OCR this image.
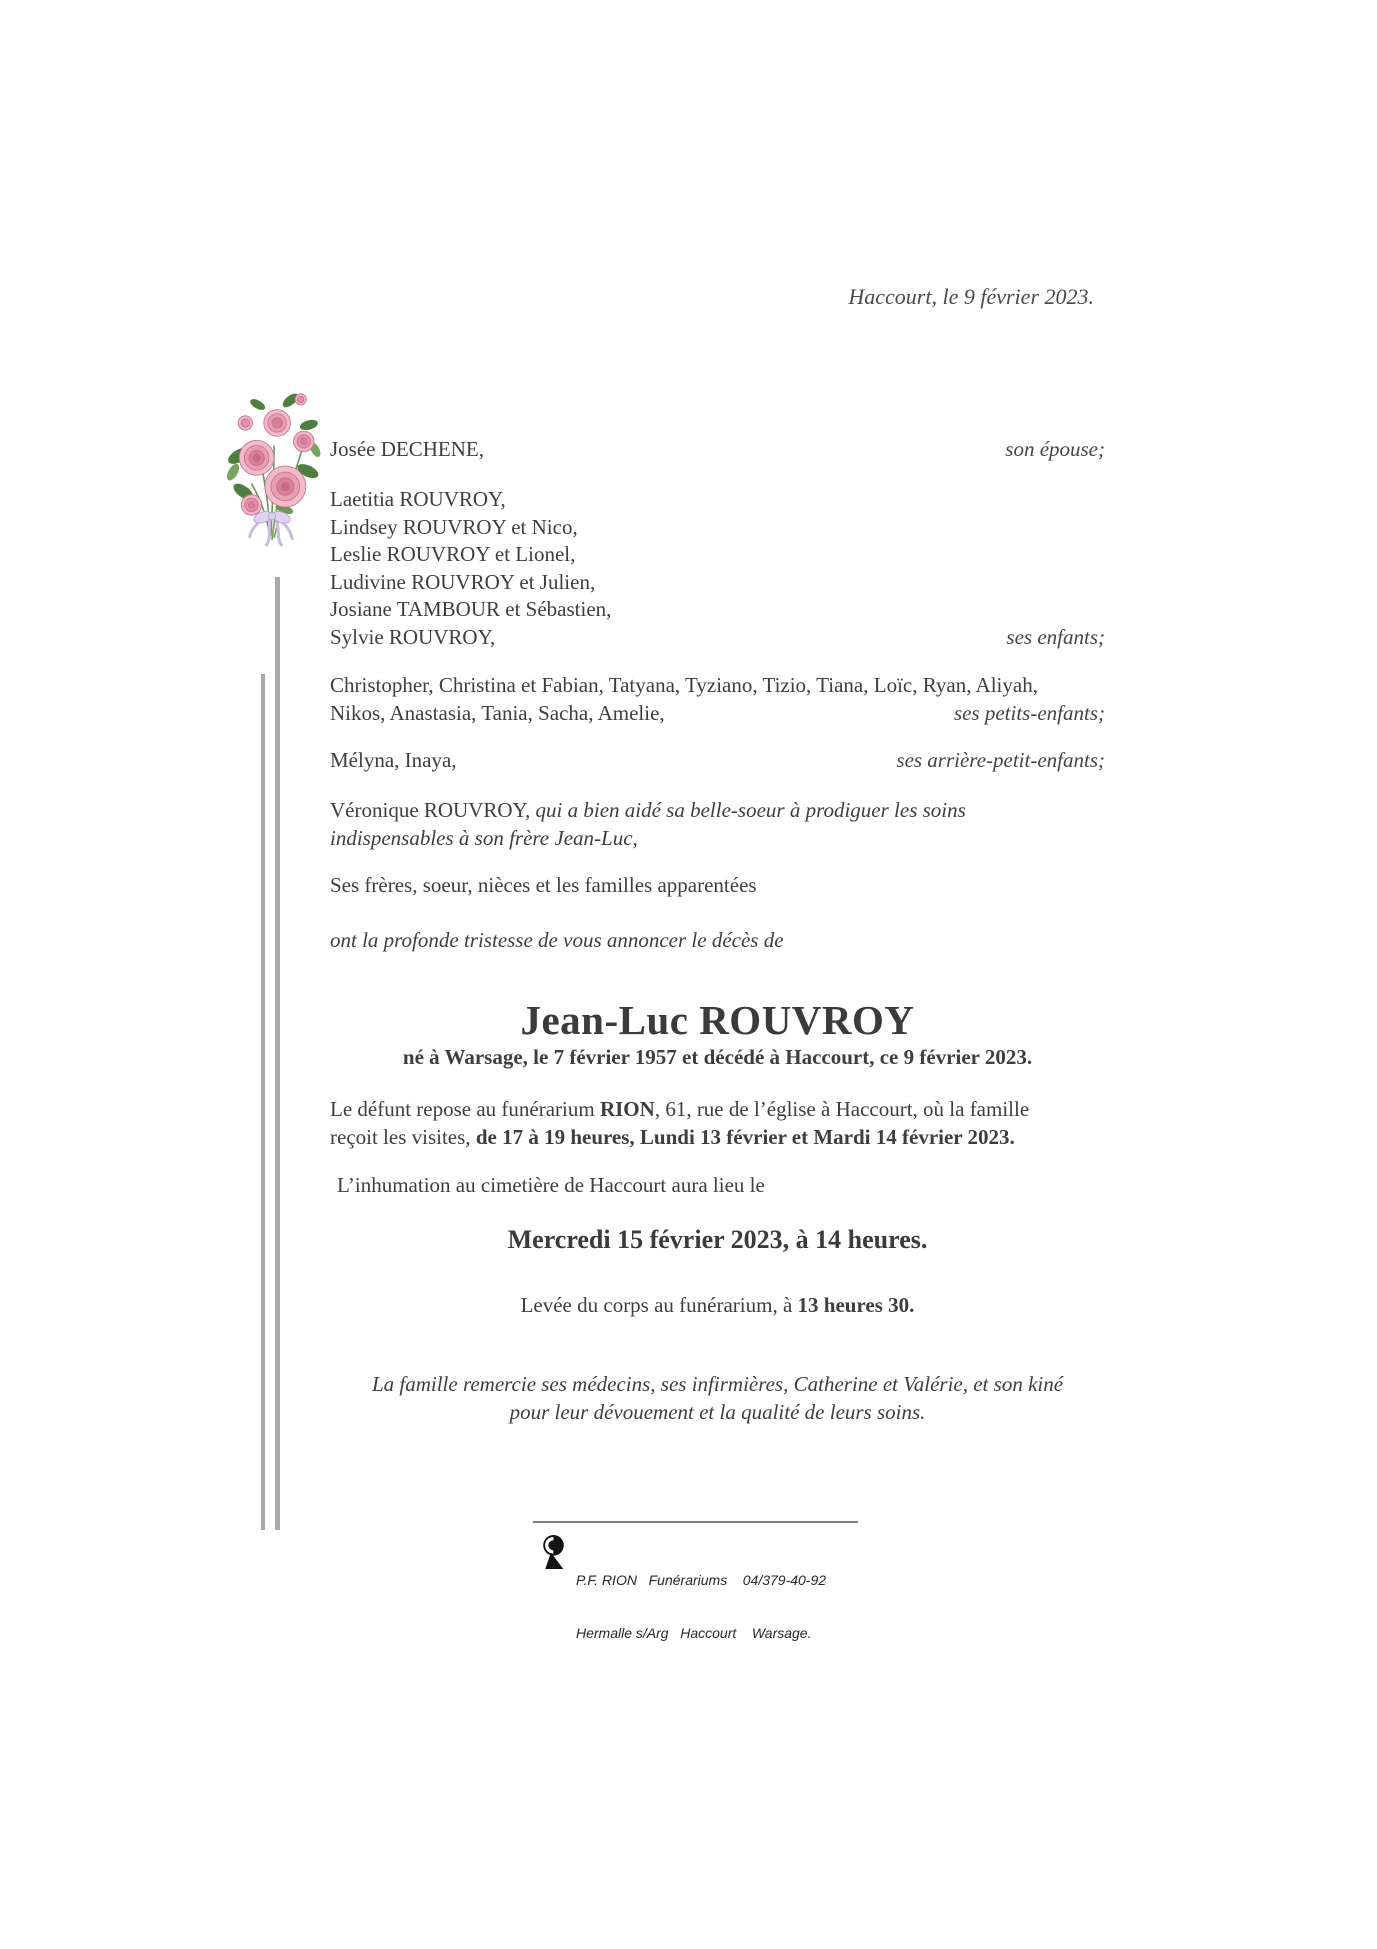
Haccourt, le 9 février 2023.
Josée DECHENE,	son épouse;
Laetitia ROUVROY,
Lindsey ROUVROY et Nico,
Leslie ROUVROY et Lionel,
Ludivine ROUVROY et Julien,
Josiane TAMBOUR et Sébastien,
Sylvie ROUVROY,	ses enfants;
Christopher, Christina et Fabian, Tatyana, Tyziano, Tizio, Tiana, Loïc, Ryan, Aliyah,
Nikos, Anastasia, Tania, Sacha, Amelie,	ses petits-enfants;
Mélyna, Inaya,	ses arrière-petit-enfants;
Véronique ROUVROY, qui a bien aidé sa belle-soeur à prodiguer les soins
indispensables à son frère Jean-Luc,
Ses frères, soeur, nièces et les familles apparentées
ont la profonde tristesse de vous annoncer le décès de
Jean-Luc ROUVROY
né à Warsage, le 7 février 1957 et décédé à Haccourt, ce 9 février 2023.
Le défunt repose au funérarium RION, 61, rue de l’église à Haccourt, où la famille
reçoit les visites, de 17 à 19 heures, Lundi 13 février et Mardi 14 février 2023.
L’inhumation au cimetière de Haccourt aura lieu le
Mercredi 15 février 2023, à 14 heures.
Levée du corps au funérarium, à 13 heures 30.
La famille remercie ses médecins, ses infirmières, Catherine et Valérie, et son kiné
pour leur dévouement et la qualité de leurs soins.

P.F. RION   Funérariums    04/379-40-92

Hermalle s/Arg   Haccourt    Warsage.
